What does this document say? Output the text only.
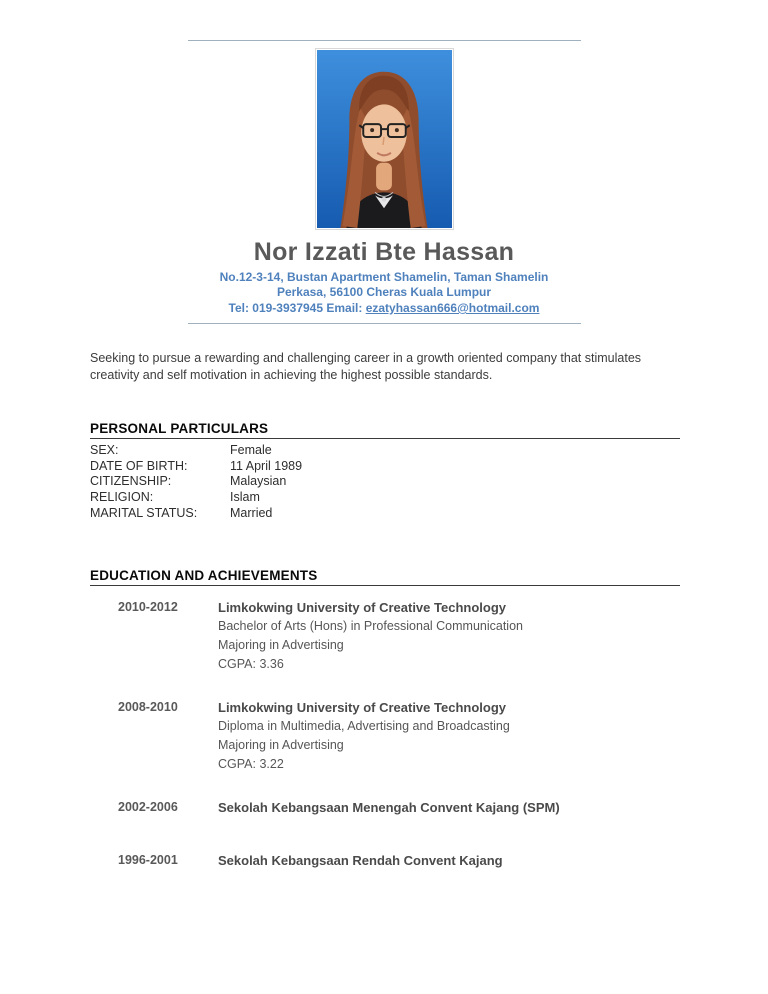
Nor Izzati Bte Hassan
No.12-3-14, Bustan Apartment Shamelin, Taman Shamelin
Perkasa, 56100 Cheras Kuala Lumpur
Tel: 019-3937945 Email: ezatyhassan666@hotmail.com

Seeking to pursue a rewarding and challenging career in a growth oriented company that stimulates creativity and self motivation in achieving the highest possible standards.

PERSONAL PARTICULARS
SEX:	Female
DATE OF BIRTH:	11 April 1989
CITIZENSHIP:	Malaysian
RELIGION:	Islam
MARITAL STATUS:	Married
EDUCATION AND ACHIEVEMENTS
2010-2012	Limkokwing University of Creative Technology
Bachelor of Arts (Hons) in Professional Communication
Majoring in Advertising
CGPA: 3.36
2008-2010	Limkokwing University of Creative Technology
Diploma in Multimedia, Advertising and Broadcasting
Majoring in Advertising
CGPA: 3.22
2002-2006	Sekolah Kebangsaan Menengah Convent Kajang (SPM)
1996-2001	Sekolah Kebangsaan Rendah Convent Kajang
